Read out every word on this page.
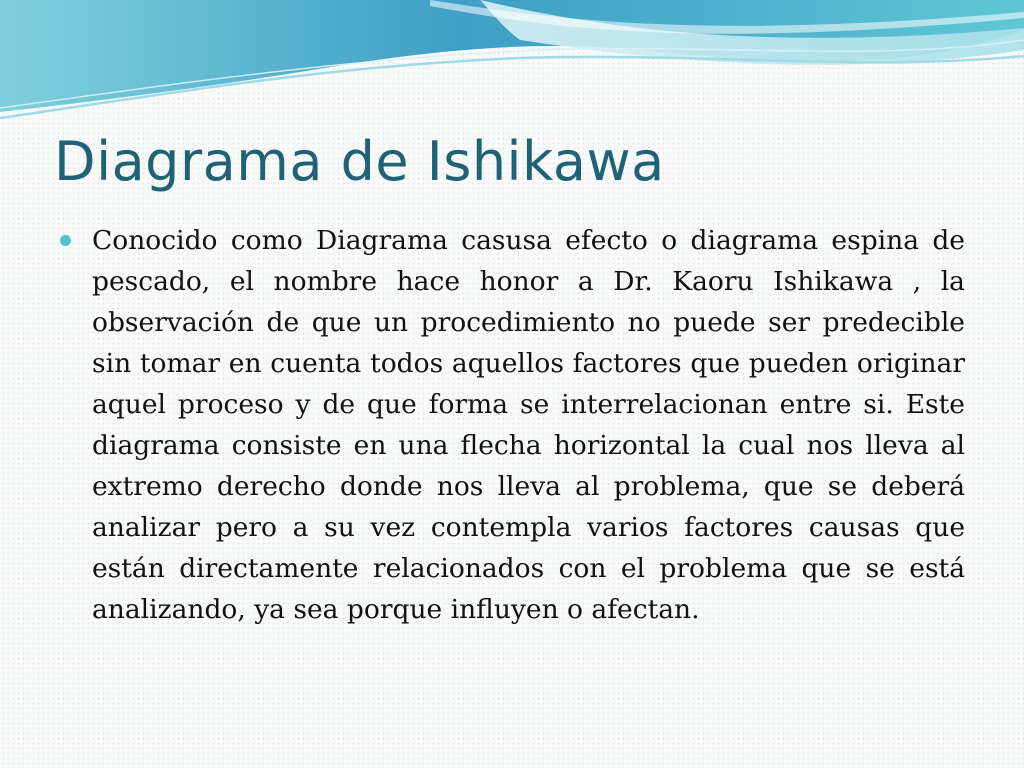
Diagrama de Ishikawa

Conocido como Diagrama casusa efecto o diagrama espina de pescado, el nombre hace honor a Dr. Kaoru Ishikawa , la observación de que un procedimiento no puede ser predecible sin tomar en cuenta todos aquellos factores que pueden originar aquel proceso y de que forma se interrelacionan entre si. Este diagrama consiste en una flecha horizontal la cual nos lleva al extremo derecho donde nos lleva al problema, que se deberá analizar pero a su vez contempla varios factores causas que están directamente relacionados con el problema que se está analizando, ya sea porque influyen o afectan.
